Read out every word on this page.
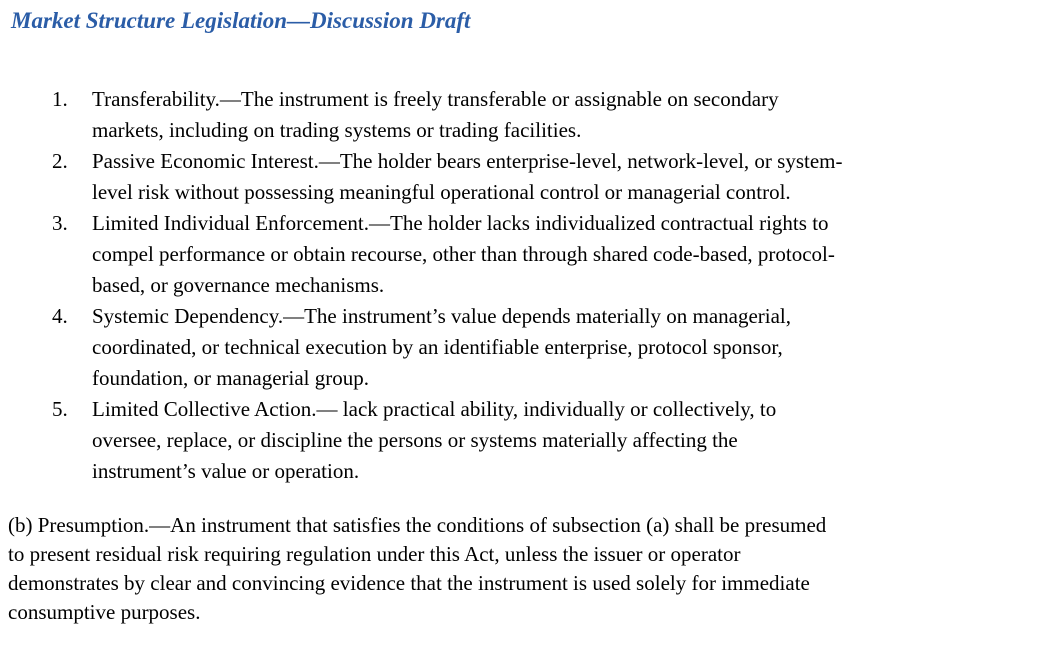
Market Structure Legislation—Discussion Draft
1.	Transferability.—The instrument is freely transferable or assignable on secondary
markets, including on trading systems or trading facilities.
2.	Passive Economic Interest.—The holder bears enterprise-level, network-level, or system-
level risk without possessing meaningful operational control or managerial control.
3.	Limited Individual Enforcement.—The holder lacks individualized contractual rights to
compel performance or obtain recourse, other than through shared code-based, protocol-
based, or governance mechanisms.
4.	Systemic Dependency.—The instrument’s value depends materially on managerial,
coordinated, or technical execution by an identifiable enterprise, protocol sponsor,
foundation, or managerial group.
5.	Limited Collective Action.— lack practical ability, individually or collectively, to
oversee, replace, or discipline the persons or systems materially affecting the
instrument’s value or operation.
(b) Presumption.—An instrument that satisfies the conditions of subsection (a) shall be presumed
to present residual risk requiring regulation under this Act, unless the issuer or operator
demonstrates by clear and convincing evidence that the instrument is used solely for immediate
consumptive purposes.
